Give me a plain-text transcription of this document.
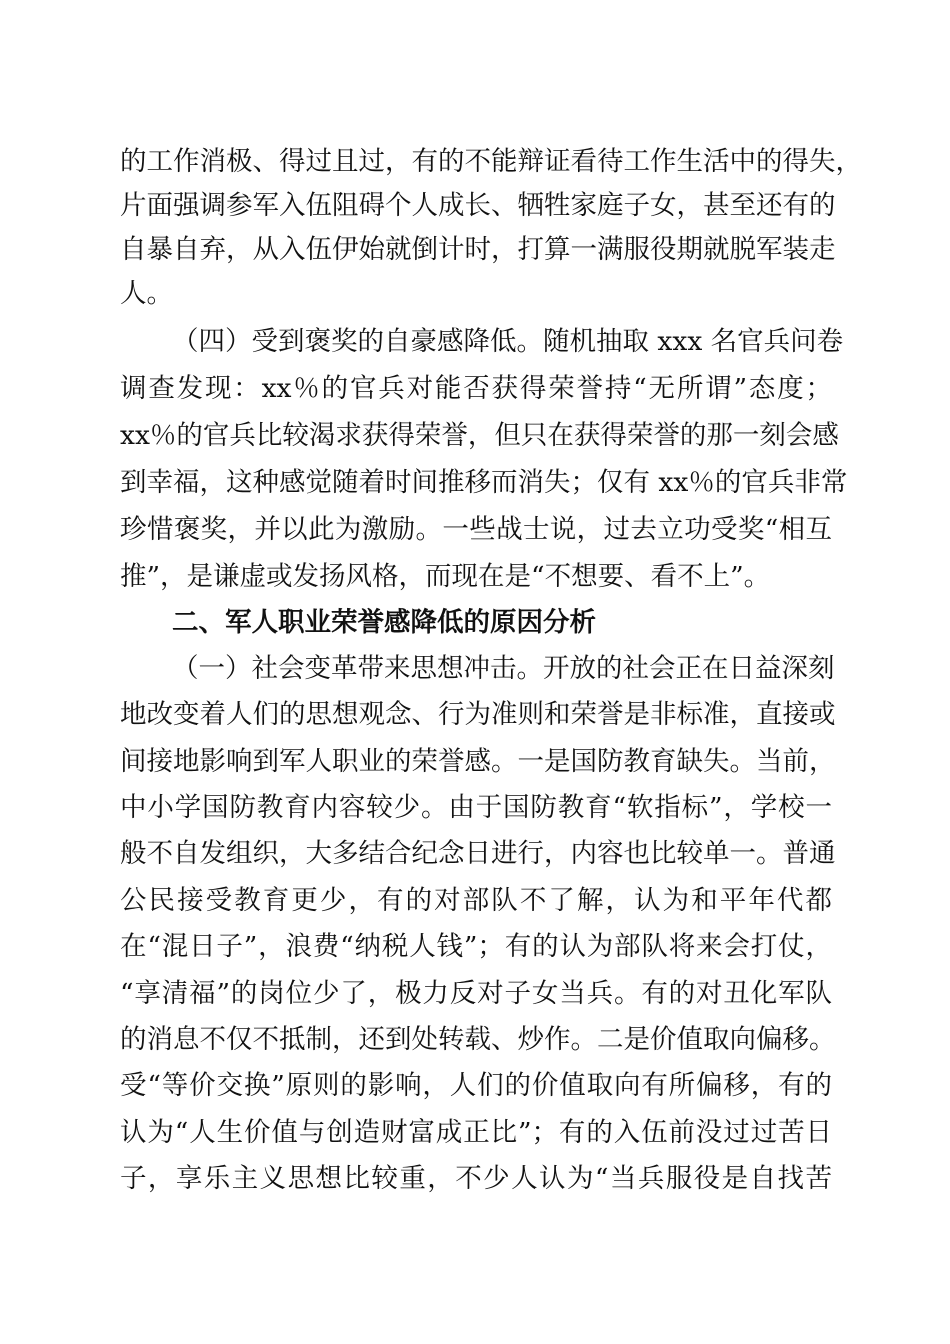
的工作消极、得过且过，有的不能辩证看待工作生活中的得失，
片面强调参军入伍阻碍个人成长、牺牲家庭子女，甚至还有的
自暴自弃，从入伍伊始就倒计时，打算一满服役期就脱军装走
人。
（四）受到褒奖的自豪感降低。随机抽取 xxx 名官兵问卷
调查发现：xx％的官兵对能否获得荣誉持“无所谓”态度；
xx％的官兵比较渴求获得荣誉，但只在获得荣誉的那一刻会感
到幸福，这种感觉随着时间推移而消失；仅有 xx％的官兵非常
珍惜褒奖，并以此为激励。一些战士说，过去立功受奖“相互
推”，是谦虚或发扬风格，而现在是“不想要、看不上”。
二、军人职业荣誉感降低的原因分析
（一）社会变革带来思想冲击。开放的社会正在日益深刻
地改变着人们的思想观念、行为准则和荣誉是非标准，直接或
间接地影响到军人职业的荣誉感。一是国防教育缺失。当前，
中小学国防教育内容较少。由于国防教育“软指标”，学校一
般不自发组织，大多结合纪念日进行，内容也比较单一。普通
公民接受教育更少，有的对部队不了解，认为和平年代都
在“混日子”，浪费“纳税人钱”；有的认为部队将来会打仗，
“享清福”的岗位少了，极力反对子女当兵。有的对丑化军队
的消息不仅不抵制，还到处转载、炒作。二是价值取向偏移。
受“等价交换”原则的影响，人们的价值取向有所偏移，有的
认为“人生价值与创造财富成正比”；有的入伍前没过过苦日
子，享乐主义思想比较重，不少人认为“当兵服役是自找苦
